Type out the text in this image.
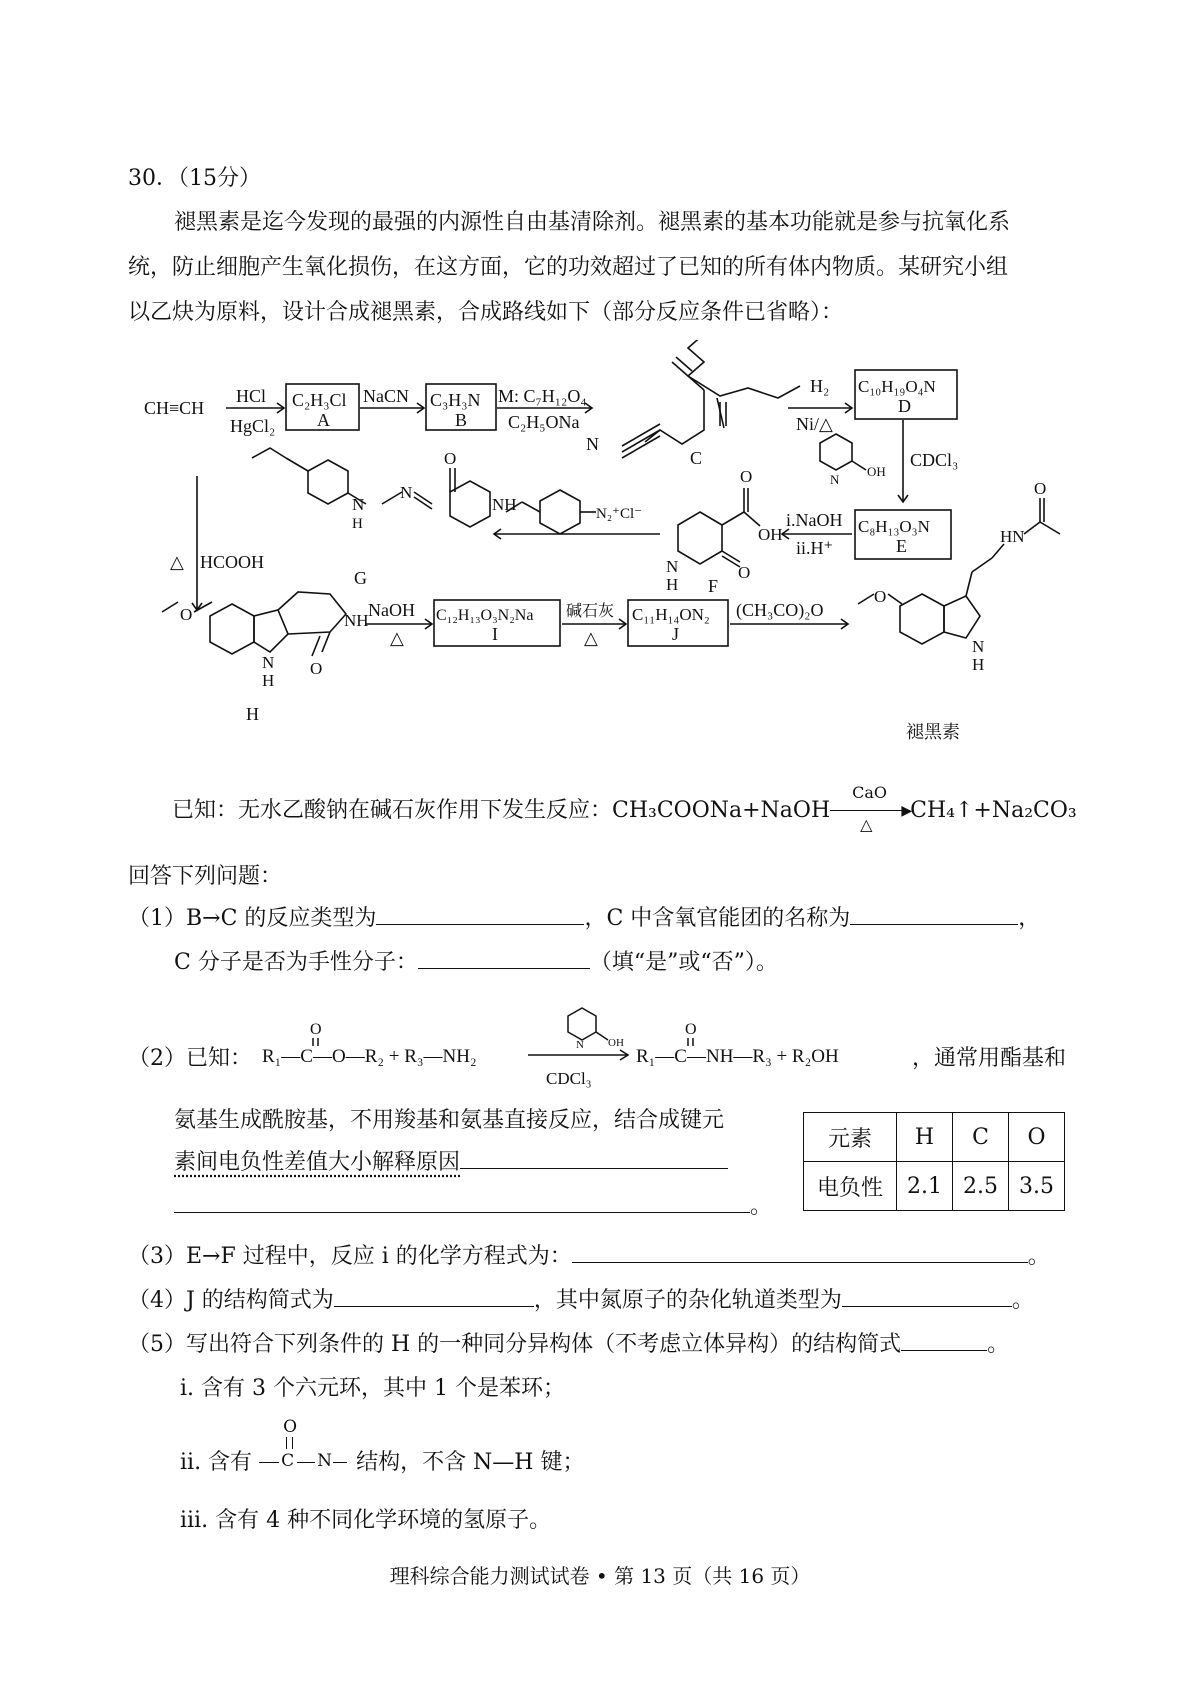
30．（15分）
褪黑素是迄今发现的最强的内源性自由基清除剂。褪黑素的基本功能就是参与抗氧化系
统，防止细胞产生氧化损伤，在这方面，它的功效超过了已知的所有体内物质。某研究小组
以乙炔为原料，设计合成褪黑素，合成路线如下（部分反应条件已省略）：
CH≡CH
HCl
HgCl₂
C₂H₃Cl
A
NaCN C₃H₃N
B
M: C₇H₁₂O₄
C₂H₅ONa
N
C
H₂
Ni/△
C₁₀H₁₉O₄N
D
N
OH
CDCl₃
C₈H₁₃O₃N
E
i.NaOH
ii.H⁺
O
OH
O
N
H F
N₂⁺Cl⁻
N
H
N
O
NH
G
△ HCOOH
O	NH
N
H
O
H
NaOH
△
C₁₂H₁₃O₃N₂Na
I
碱石灰
△
C₁₁H₁₄ON₂
J
(CH₃CO)₂O
O
HN
O
N
H
褪黑素
已知：无水乙酸钠在碱石灰作用下发生反应：CH₃COONa+NaOH
CaO
▶
△
CH₄↑+Na₂CO₃
回答下列问题：
（1）B→C 的反应类型为	，C 中含氧官能团的名称为	，
C 分子是否为手性分子：	（填“是”或“否”）。
（2）已知： R₁—C—O—R₂ + R₃—NH₂
O
N OH
CDCl₃
R₁—C—NH—R₃ + R₂OH
O
，通常用酯基和
氨基生成酰胺基，不用羧基和氨基直接反应，结合成键元
素间电负性差值大小解释原因
。
元素	H	C	O
电负性	2.1	2.5	3.5
（3）E→F 过程中，反应 i 的化学方程式为：	。
（4）J 的结构简式为	，其中氮原子的杂化轨道类型为	。
（5）写出符合下列条件的 H 的一种同分异构体（不考虑立体异构）的结构简式	。
ⅰ. 含有 3 个六元环，其中 1 个是苯环；
ⅱ. 含有
O
C N 结构，不含 N—H 键；
ⅲ. 含有 4 种不同化学环境的氢原子。
理科综合能力测试试卷 • 第 13 页（共 16 页）
